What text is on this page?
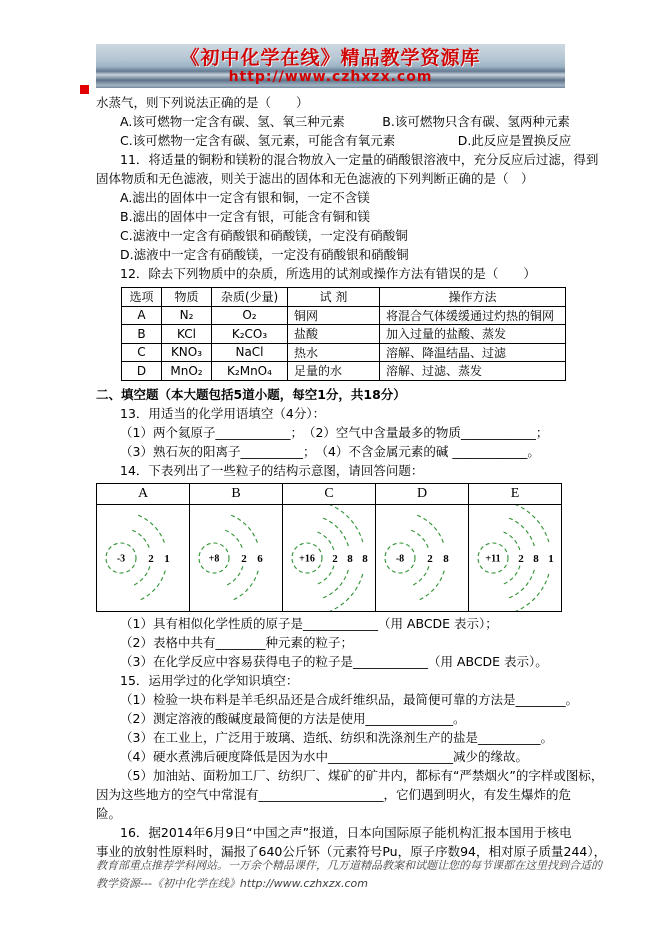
《初中化学在线》精品教学资源库
http://www.czhxzx.com
水蒸气，则下列说法正确的是（　　）
A.该可燃物一定含有碳、氢、氧三种元素　　　B.该可燃物只含有碳、氢两种元素
C.该可燃物一定含有碳、氢元素，可能含有氧元素　　　　　D.此反应是置换反应
11．将适量的铜粉和镁粉的混合物放入一定量的硝酸银溶液中，充分反应后过滤，得到
固体物质和无色滤液，则关于滤出的固体和无色滤液的下列判断正确的是（　）
A.滤出的固体中一定含有银和铜，一定不含镁
B.滤出的固体中一定含有银，可能含有铜和镁
C.滤液中一定含有硝酸银和硝酸镁，一定没有硝酸铜
D.滤液中一定含有硝酸镁，一定没有硝酸银和硝酸铜
12．除去下列物质中的杂质，所选用的试剂或操作方法有错误的是（　　）
选项	物质	杂质(少量)	试 剂	操作方法
A	N₂	O₂	铜网	将混合气体缓缓通过灼热的铜网
B	KCl	K₂CO₃	盐酸	加入过量的盐酸、蒸发
C	KNO₃	NaCl	热水	溶解、降温结晶、过滤
D	MnO₂	K₂MnO₄	足量的水	溶解、过滤、蒸发
二、填空题（本大题包括5道小题，每空1分，共18分）
13．用适当的化学用语填空（4分）：
（1）两个氦原子____________；　（2）空气中含量最多的物质____________；
（3）熟石灰的阳离子__________；　（4）不含金属元素的碱 ____________。
14．下表列出了一些粒子的结构示意图，请回答问题：
A	B	C	D	E

-3 2 1	+8 2 6	+16 2 8 8	-8 2 8	+11 2 8 1
（1）具有相似化学性质的原子是____________（用 ABCDE 表示）；
（2）表格中共有________种元素的粒子；
（3）在化学反应中容易获得电子的粒子是____________（用 ABCDE 表示）。
15．运用学过的化学知识填空：
（1）检验一块布料是羊毛织品还是合成纤维织品，最简便可靠的方法是________。
（2）测定溶液的酸碱度最简便的方法是使用______________。
（3）在工业上，广泛用于玻璃、造纸、纺织和洗涤剂生产的盐是__________。
（4）硬水煮沸后硬度降低是因为水中____________________减少的缘故。
（5）加油站、面粉加工厂、纺织厂、煤矿的矿井内，都标有“严禁烟火”的字样或图标，
因为这些地方的空气中常混有____________________，它们遇到明火，有发生爆炸的危
险。
16．据2014年6月9日“中国之声”报道，日本向国际原子能机构汇报本国用于核电
事业的放射性原料时，漏报了640公斤钚（元素符号Pu，原子序数94，相对原子质量244），
教育部重点推荐学科网站。一万余个精品课件，几万道精品教案和试题让您的每节课都在这里找到合适的
教学资源---《初中化学在线》http://www.czhxzx.com
